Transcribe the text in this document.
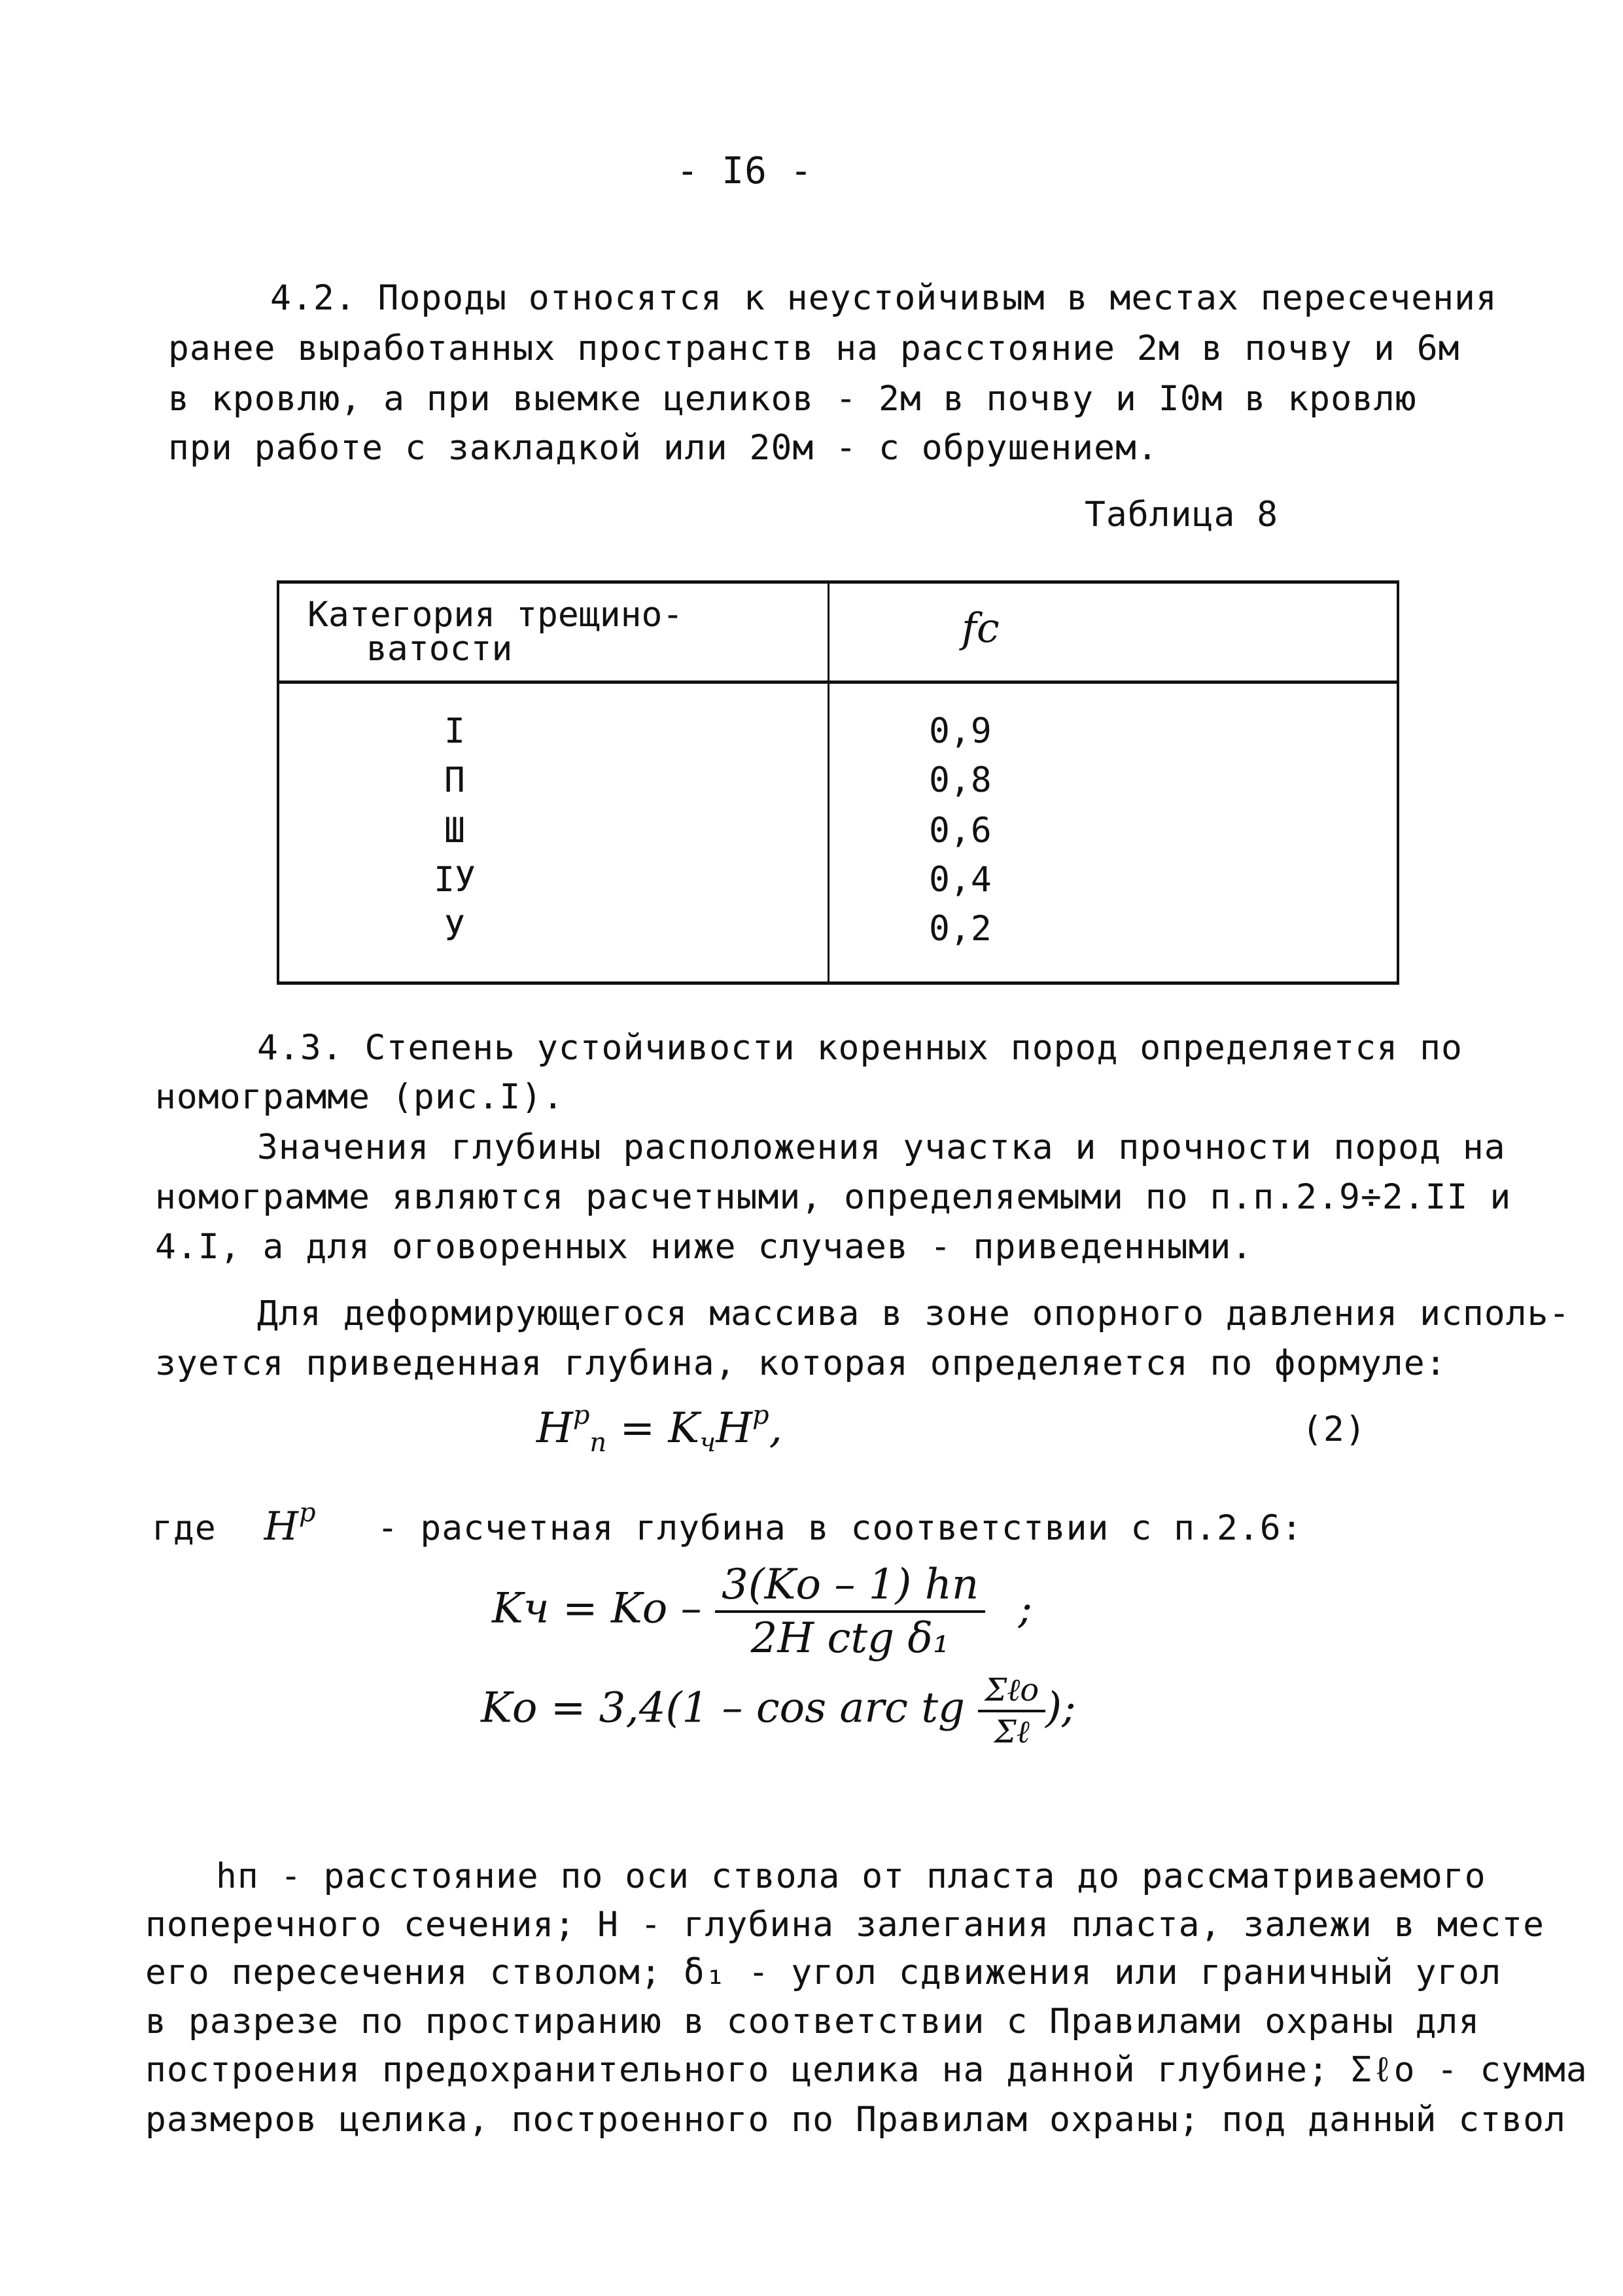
- I6 -
4.2. Породы относятся к неустойчивым в местах пересечения
ранее выработанных пространств на расстояние 2м в почву и 6м
в кровлю, а при выемке целиков - 2м в почву и I0м в кровлю
при работе с закладкой или 20м - с обрушением.
Таблица 8
Категория трещино-
ватости	fс
I	0,9
П	0,8
Ш	0,6
IУ	0,4
У	0,2
4.3. Степень устойчивости коренных пород определяется по
номограмме (рис.I).
Значения глубины расположения участка и прочности пород на
номограмме являются расчетными, определяемыми по п.п.2.9÷2.II и
4.I, а для оговоренных ниже случаев - приведенными.
Для деформирующегося массива в зоне опорного давления исполь-
зуется приведенная глубина, которая определяется по формуле:
$H^р_п = K_чH^р$,	(2)
где $H^р$ - расчетная глубина в соответствии с п.2.6:
Kч = Kо – $\frac{3(Kо - 1) hп}{\text{2H ctg δ₁}}$ ;
Kо = 3,4(1 – cos arc tg $\frac{\text{Σℓо}}{\text{Σℓ}}$ );
hп - расстояние по оси ствола от пласта до рассматриваемого
поперечного сечения; Н - глубина залегания пласта, залежи в месте
его пересечения стволом; δ₁ - угол сдвижения или граничный угол
в разрезе по простиранию в соответствии с Правилами охраны для
построения предохранительного целика на данной глубине; Σℓо - сумма
размеров целика, построенного по Правилам охраны; под данный ствол
